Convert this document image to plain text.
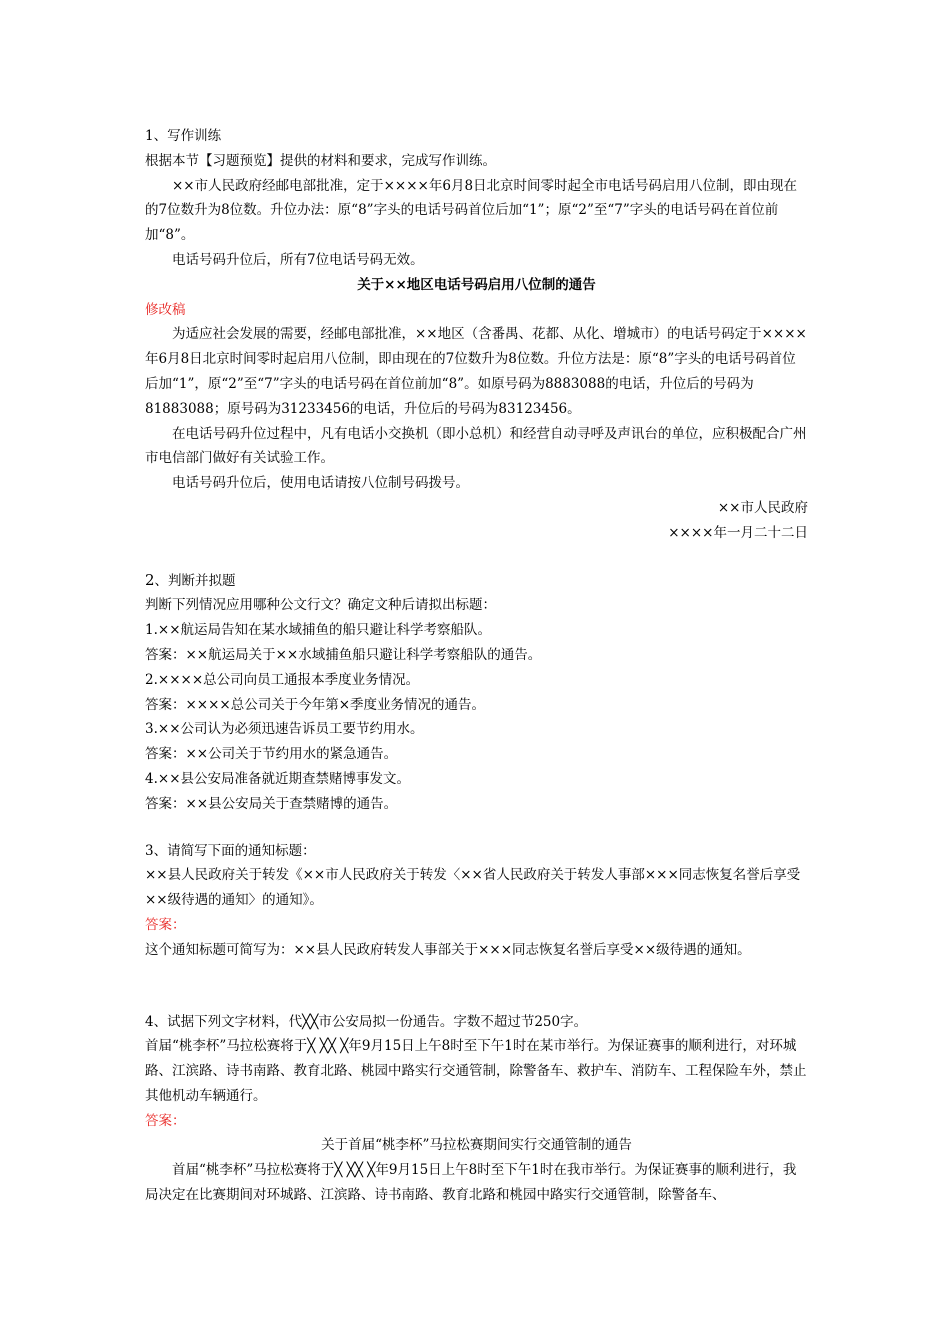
1、写作训练

根据本节【习题预览】提供的材料和要求，完成写作训练。

××市人民政府经邮电部批准，定于××××年6月8日北京时间零时起全市电话号码启用八位制，即由现在的7位数升为8位数。升位办法：原“8”字头的电话号码首位后加“1”；原“2”至“7”字头的电话号码在首位前加“8”。

电话号码升位后，所有7位电话号码无效。

关于××地区电话号码启用八位制的通告

修改稿

为适应社会发展的需要，经邮电部批准，××地区（含番禺、花都、从化、增城市）的电话号码定于××××年6月8日北京时间零时起启用八位制，即由现在的7位数升为8位数。升位方法是：原“8”字头的电话号码首位后加“1”，原“2”至“7”字头的电话号码在首位前加“8”。如原号码为8883088的电话，升位后的号码为81883088；原号码为31233456的电话，升位后的号码为83123456。

在电话号码升位过程中，凡有电话小交换机（即小总机）和经营自动寻呼及声讯台的单位，应积极配合广州市电信部门做好有关试验工作。

电话号码升位后，使用电话请按八位制号码拨号。

××市人民政府

××××年一月二十二日

2、判断并拟题

判断下列情况应用哪种公文行文？确定文种后请拟出标题：

1.××航运局告知在某水域捕鱼的船只避让科学考察船队。

答案：××航运局关于××水域捕鱼船只避让科学考察船队的通告。

2.××××总公司向员工通报本季度业务情况。

答案：××××总公司关于今年第×季度业务情况的通告。

3.××公司认为必须迅速告诉员工要节约用水。

答案：××公司关于节约用水的紧急通告。

4.××县公安局准备就近期查禁赌博事发文。

答案：××县公安局关于查禁赌博的通告。

3、请简写下面的通知标题：

××县人民政府关于转发《××市人民政府关于转发〈××省人民政府关于转发人事部×××同志恢复名誉后享受××级待遇的通知〉的通知》。

答案：

这个通知标题可简写为：××县人民政府转发人事部关于×××同志恢复名誉后享受××级待遇的通知。

4、试据下列文字材料，代╳╳市公安局拟一份通告。字数不超过节250字。

首届“桃李杯”马拉松赛将于╳ ╳╳ ╳年9月15日上午8时至下午1时在某市举行。为保证赛事的顺利进行，对环城路、江滨路、诗书南路、教育北路、桃园中路实行交通管制，除警备车、救护车、消防车、工程保险车外，禁止其他机动车辆通行。

答案：

关于首届“桃李杯”马拉松赛期间实行交通管制的通告

首届“桃李杯”马拉松赛将于╳ ╳╳ ╳年9月15日上午8时至下午1时在我市举行。为保证赛事的顺利进行，我局决定在比赛期间对环城路、江滨路、诗书南路、教育北路和桃园中路实行交通管制，除警备车、
